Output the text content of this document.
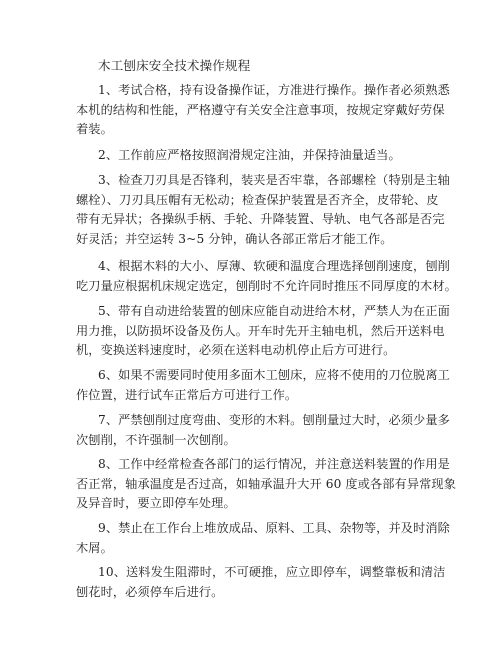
木工刨床安全技术操作规程
1、考试合格，持有设备操作证，方准进行操作。操作者必须熟悉
本机的结构和性能，严格遵守有关安全注意事项，按规定穿戴好劳保
着装。
2、工作前应严格按照润滑规定注油，并保持油量适当。
3、检查刀刃具是否锋利，装夹是否牢靠，各部螺栓（特别是主轴
螺栓）、刀刃具压帽有无松动；检查保护装置是否齐全，皮带轮、皮
带有无异状；各操纵手柄、手轮、升降装置、导轨、电气各部是否完
好灵活；并空运转 3~5 分钟，确认各部正常后才能工作。
4、根据木料的大小、厚薄、软硬和温度合理选择刨削速度，刨削
吃刀量应根据机床规定选定，刨削时不允许同时推压不同厚度的木材。
5、带有自动进给装置的刨床应能自动进给木材，严禁人为在正面
用力推，以防损坏设备及伤人。开车时先开主轴电机，然后开送料电
机，变换送料速度时，必须在送料电动机停止后方可进行。
6、如果不需要同时使用多面木工刨床，应将不使用的刀位脱离工
作位置，进行试车正常后方可进行工作。
7、严禁刨削过度弯曲、变形的木料。刨削量过大时，必须少量多
次刨削，不许强制一次刨削。
8、工作中经常检查各部门的运行情况，并注意送料装置的作用是
否正常，轴承温度是否过高，如轴承温升大开 60 度或各部有异常现象
及异音时，要立即停车处理。
9、禁止在工作台上堆放成品、原料、工具、杂物等，并及时消除
木屑。
10、送料发生阻滞时，不可硬推，应立即停车，调整靠板和清洁
刨花时，必须停车后进行。
